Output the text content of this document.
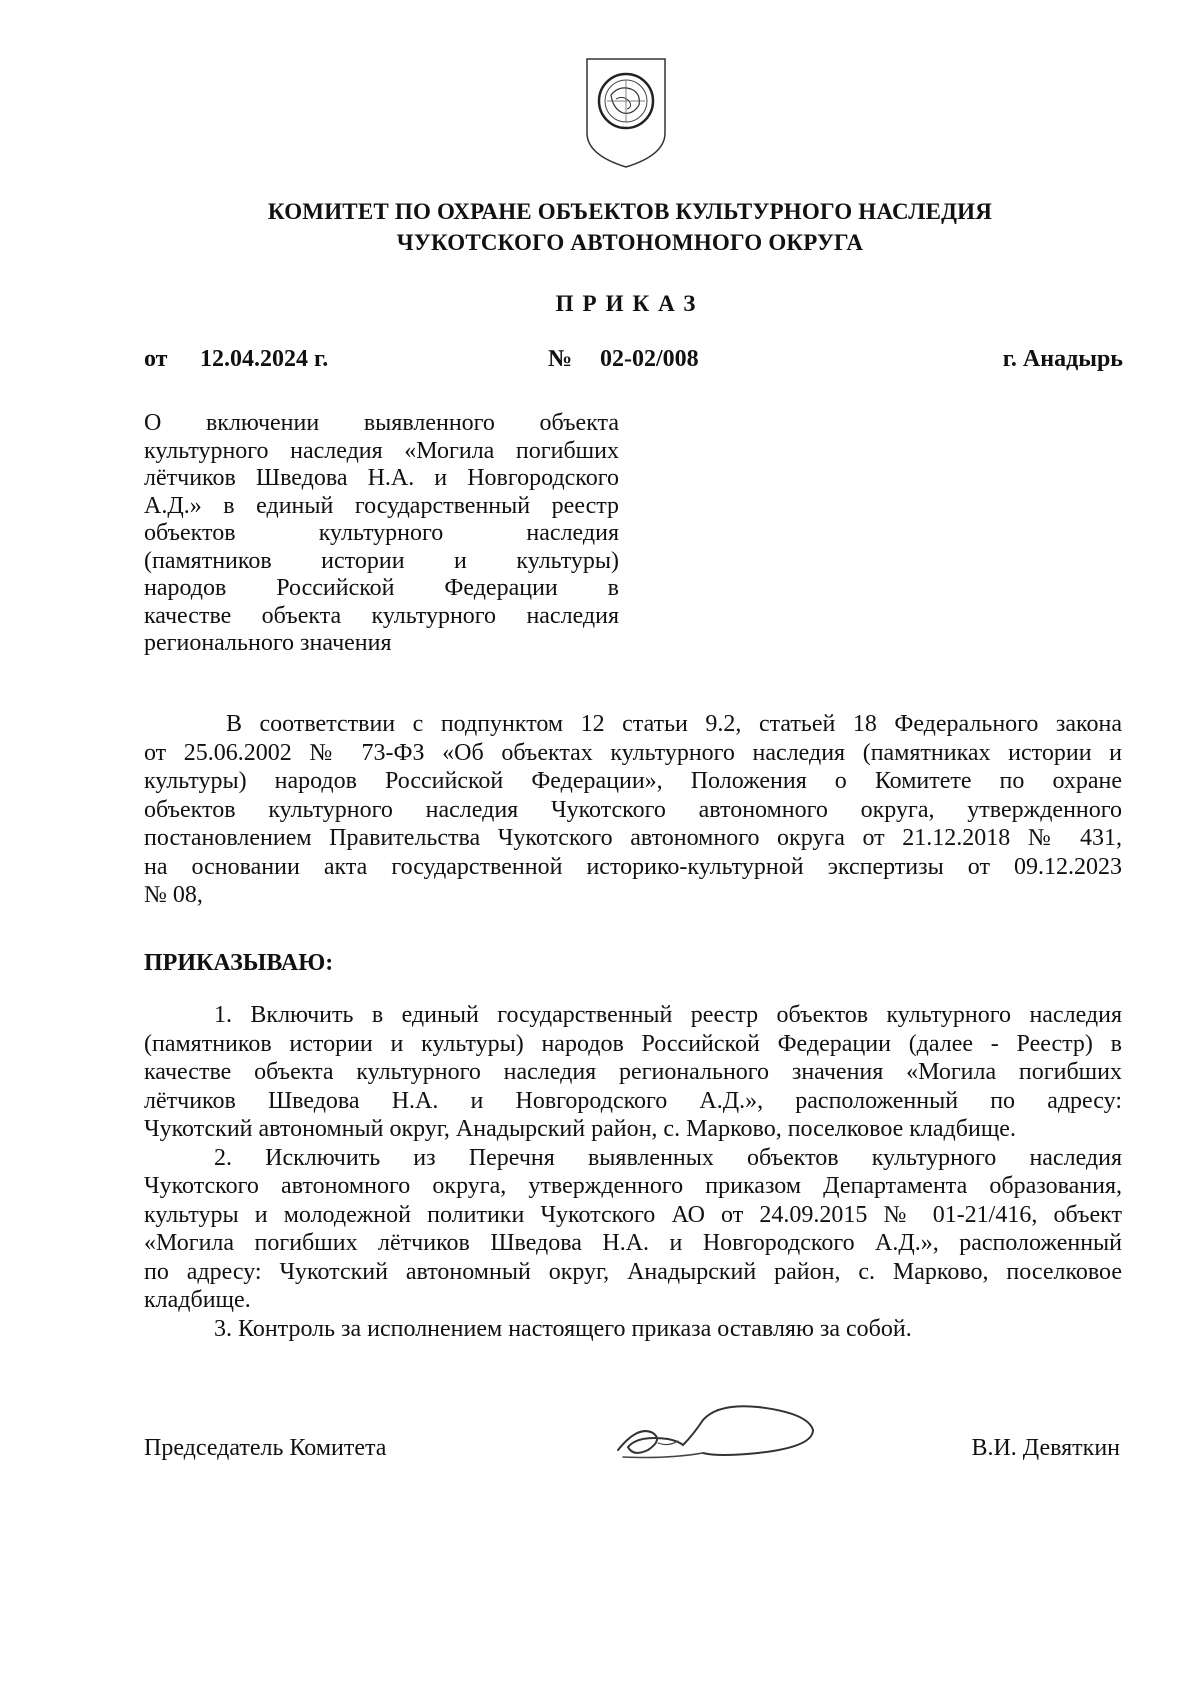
КОМИТЕТ ПО ОХРАНЕ ОБЪЕКТОВ КУЛЬТУРНОГО НАСЛЕДИЯ
ЧУКОТСКОГО АВТОНОМНОГО ОКРУГА
ПРИКАЗ
от 12.04.2024 г.	№ 02-02/008	г. Анадырь
О включении выявленного объекта
культурного наследия «Могила погибших
лётчиков Шведова Н.А. и Новгородского
А.Д.» в единый государственный реестр
объектов культурного наследия
(памятников истории и культуры)
народов Российской Федерации в
качестве объекта культурного наследия
регионального значения
В соответствии с подпунктом 12 статьи 9.2, статьей 18 Федерального закона
от 25.06.2002 № 73-ФЗ «Об объектах культурного наследия (памятниках истории и
культуры) народов Российской Федерации», Положения о Комитете по охране
объектов культурного наследия Чукотского автономного округа, утвержденного
постановлением Правительства Чукотского автономного округа от 21.12.2018 № 431,
на основании акта государственной историко-культурной экспертизы от 09.12.2023
№ 08,
ПРИКАЗЫВАЮ:
1. Включить в единый государственный реестр объектов культурного наследия
(памятников истории и культуры) народов Российской Федерации (далее - Реестр) в
качестве объекта культурного наследия регионального значения «Могила погибших
лётчиков Шведова Н.А. и Новгородского А.Д.», расположенный по адресу:
Чукотский автономный округ, Анадырский район, с. Марково, поселковое кладбище.
2. Исключить из Перечня выявленных объектов культурного наследия
Чукотского автономного округа, утвержденного приказом Департамента образования,
культуры и молодежной политики Чукотского АО от 24.09.2015 № 01-21/416, объект
«Могила погибших лётчиков Шведова Н.А. и Новгородского А.Д.», расположенный
по адресу: Чукотский автономный округ, Анадырский район, с. Марково, поселковое
кладбище.
3. Контроль за исполнением настоящего приказа оставляю за собой.
Председатель Комитета	В.И. Девяткин
